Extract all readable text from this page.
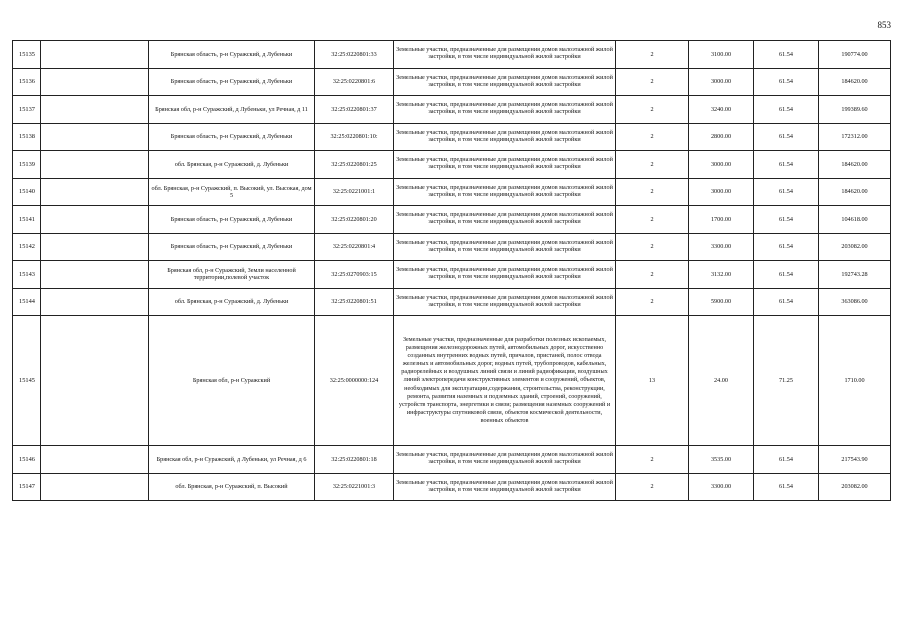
853
15135		Брянская область, р-н Суражский, д Лубеньки	32:25:0220801:33	Земельные участки, предназначенные для размещения домов малоэтажной жилой застройки, в том числе индивидуальной жилой застройки	2	3100.00	61.54	190774.00
15136		Брянская область, р-н Суражский, д Лубеньки	32:25:0220801:6	Земельные участки, предназначенные для размещения домов малоэтажной жилой застройки, в том числе индивидуальной жилой застройки	2	3000.00	61.54	184620.00
15137		Брянская обл, р-н Суражский, д Лубеньки, ул Речная, д 11	32:25:0220801:37	Земельные участки, предназначенные для размещения домов малоэтажной жилой застройки, в том числе индивидуальной жилой застройки	2	3240.00	61.54	199389.60
15138		Брянская область, р-н Суражский, д Лубеньки	32:25:0220801:10:	Земельные участки, предназначенные для размещения домов малоэтажной жилой застройки, в том числе индивидуальной жилой застройки	2	2800.00	61.54	172312.00
15139		обл. Брянская, р-н Суражский, д. Лубеньки	32:25:0220801:25	Земельные участки, предназначенные для размещения домов малоэтажной жилой застройки, в том числе индивидуальной жилой застройки	2	3000.00	61.54	184620.00
15140		обл. Брянская, р-н Суражский, п. Высокий, ул. Высокая, дом 5	32:25:0221001:1	Земельные участки, предназначенные для размещения домов малоэтажной жилой застройки, в том числе индивидуальной жилой застройки	2	3000.00	61.54	184620.00
15141		Брянская область, р-н Суражский, д Лубеньки	32:25:0220801:20	Земельные участки, предназначенные для размещения домов малоэтажной жилой застройки, в том числе индивидуальной жилой застройки	2	1700.00	61.54	104618.00
15142		Брянская область, р-н Суражский, д Лубеньки	32:25:0220801:4	Земельные участки, предназначенные для размещения домов малоэтажной жилой застройки, в том числе индивидуальной жилой застройки	2	3300.00	61.54	203082.00
15143		Брянская обл, р-н Суражский, Земли населенной территории,полевой участок	32:25:0270903:15	Земельные участки, предназначенные для размещения домов малоэтажной жилой застройки, в том числе индивидуальной жилой застройки	2	3132.00	61.54	192743.28
15144		обл. Брянская, р-н Суражский, д. Лубеньки	32:25:0220801:51	Земельные участки, предназначенные для размещения домов малоэтажной жилой застройки, в том числе индивидуальной жилой застройки	2	5900.00	61.54	363086.00
15145		Брянская обл, р-н Суражский	32:25:0000000:124	Земельные участки, предназначенные для разработки полезных ископаемых, размещения железнодорожных путей, автомобильных дорог, искусственно созданных внутренних водных путей, причалов, пристаней, полос отвода железных и автомобильных дорог, водных путей, трубопроводов, кабельных, радиорелейных и воздушных линий связи и линий радиофикации, воздушных линий электропередачи конструктивных элементов и сооружений, объектов, необходимых для эксплуатации,содержания, строительства, реконструкции, ремонта, развития наземных и подземных зданий, строений, сооружений, устройств транспорта, энергетики и связи; размещения наземных сооружений и инфраструктуры спутниковой связи, объектов космической деятельности, военных объектов	13	24.00	71.25	1710.00
15146		Брянская обл, р-н Суражский, д Лубеньки, ул Речная, д 6	32:25:0220801:18	Земельные участки, предназначенные для размещения домов малоэтажной жилой застройки, в том числе индивидуальной жилой застройки	2	3535.00	61.54	217543.90
15147		обл. Брянская, р-н Суражский, п. Высокий	32:25:0221001:3	Земельные участки, предназначенные для размещения домов малоэтажной жилой застройки, в том числе индивидуальной жилой застройки	2	3300.00	61.54	203082.00
